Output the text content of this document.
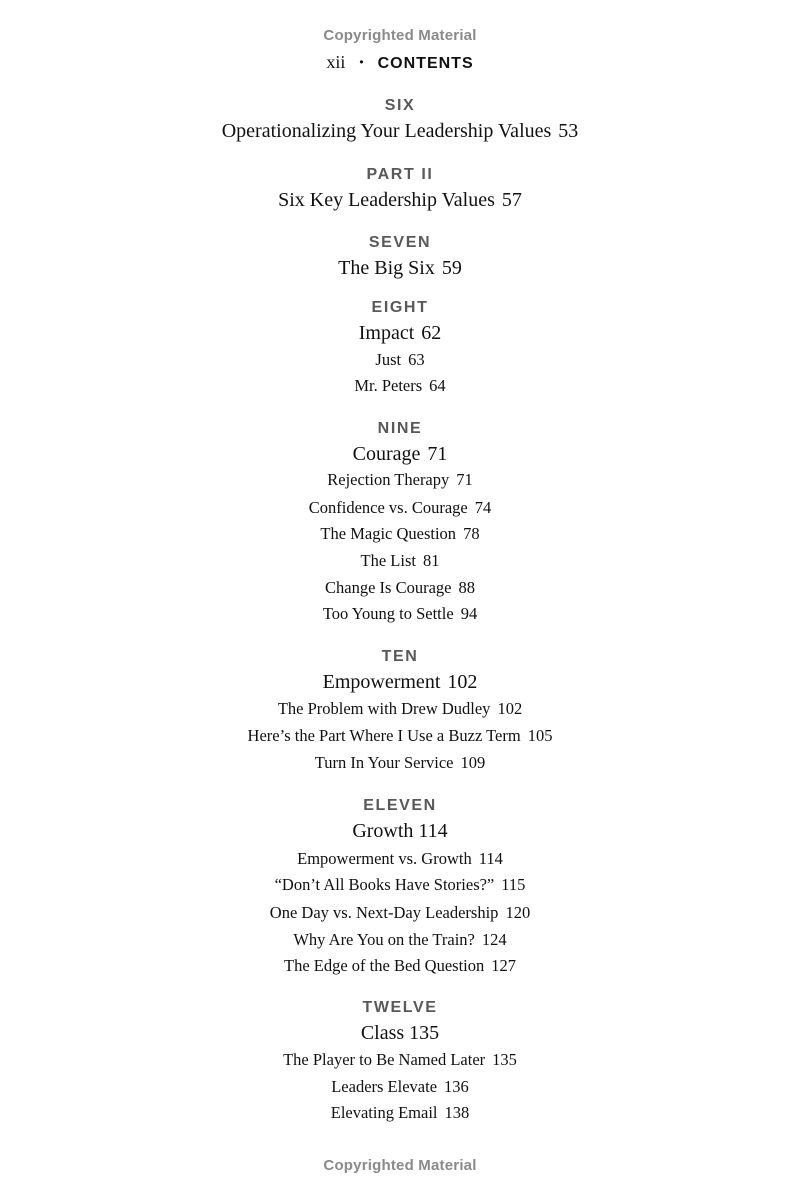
Copyrighted Material
xii • CONTENTS
SIX
Operationalizing Your Leadership Values 53
PART II
Six Key Leadership Values 57
SEVEN
The Big Six 59
EIGHT
Impact 62
Just 63
Mr. Peters 64
NINE
Courage 71
Rejection Therapy 71
Confidence vs. Courage 74
The Magic Question 78
The List 81
Change Is Courage 88
Too Young to Settle 94
TEN
Empowerment 102
The Problem with Drew Dudley 102
Here’s the Part Where I Use a Buzz Term 105
Turn In Your Service 109
ELEVEN
Growth 114
Empowerment vs. Growth 114
“Don’t All Books Have Stories?” 115
One Day vs. Next-Day Leadership 120
Why Are You on the Train? 124
The Edge of the Bed Question 127
TWELVE
Class 135
The Player to Be Named Later 135
Leaders Elevate 136
Elevating Email 138
Copyrighted Material
